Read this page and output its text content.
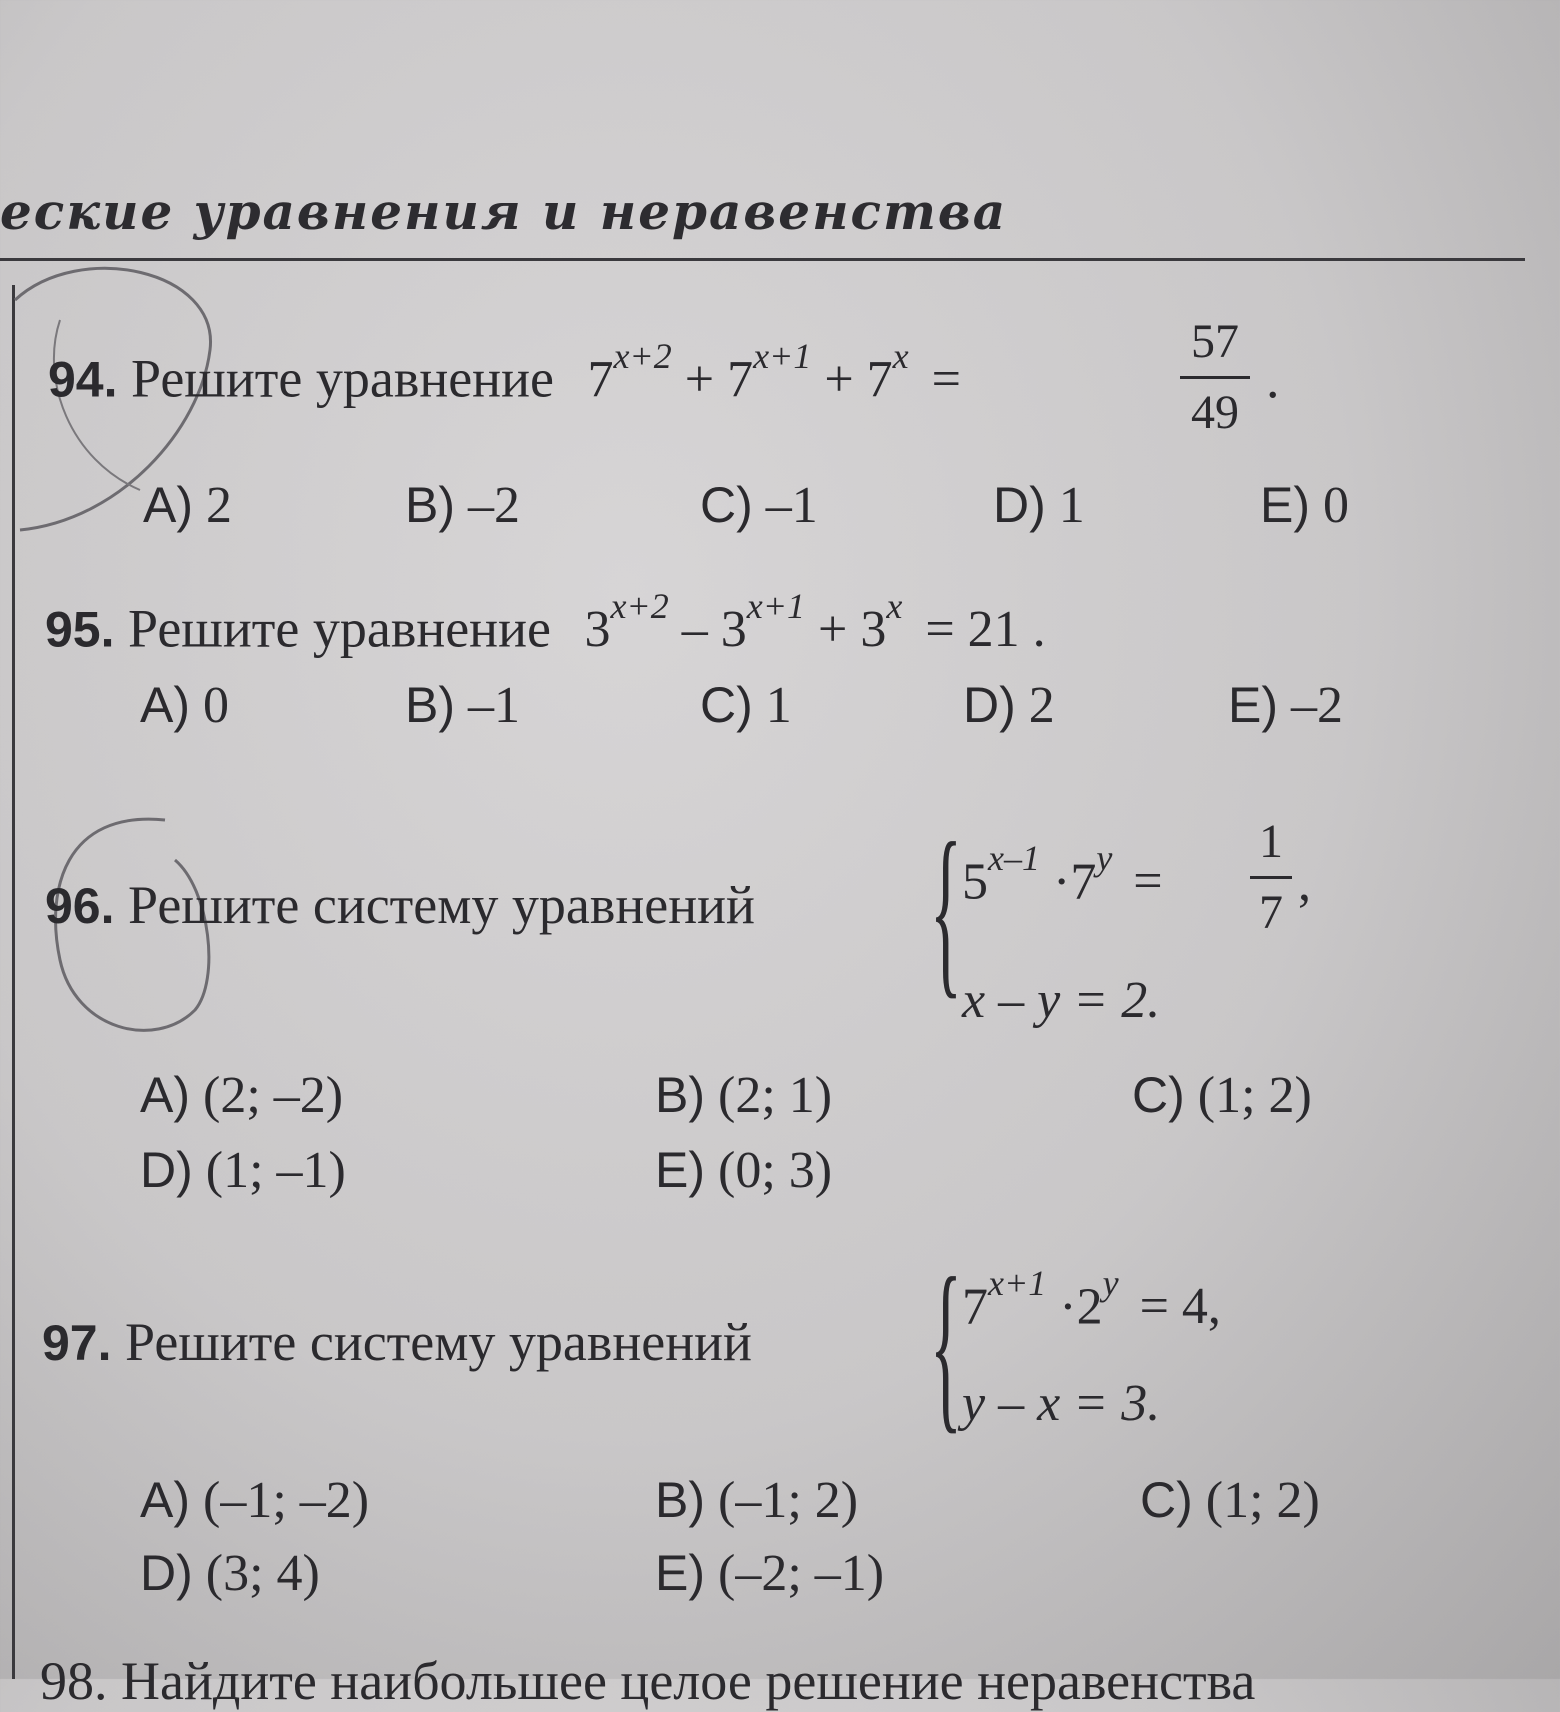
еские уравнения и неравенства
94. Решите уравнение $7^{x+2} + 7^{x+1} + 7^x$ =
57
49
.
A) 2	B) –2	C) –1	D) 1	E) 0
95. Решите уравнение $3^{x+2} - 3^{x+1} + 3^x = 21$ .
A) 0	B) –1	C) 1	D) 2	E) –2
96. Решите систему уравнений { $5^{x-1} \cdot 7^y$ =
1
7
,
x – y = 2.
A) (2; –2)	B) (2; 1)	C) (1; 2)
D) (1; –1)	E) (0; 3)
97. Решите систему уравнений { $7^{x+1} \cdot 2^y = 4$,
y – x = 3.
A) (–1; –2)	B) (–1; 2)	C) (1; 2)
D) (3; 4)	E) (–2; –1)
98. Найдите наибольшее целое решение неравенства
